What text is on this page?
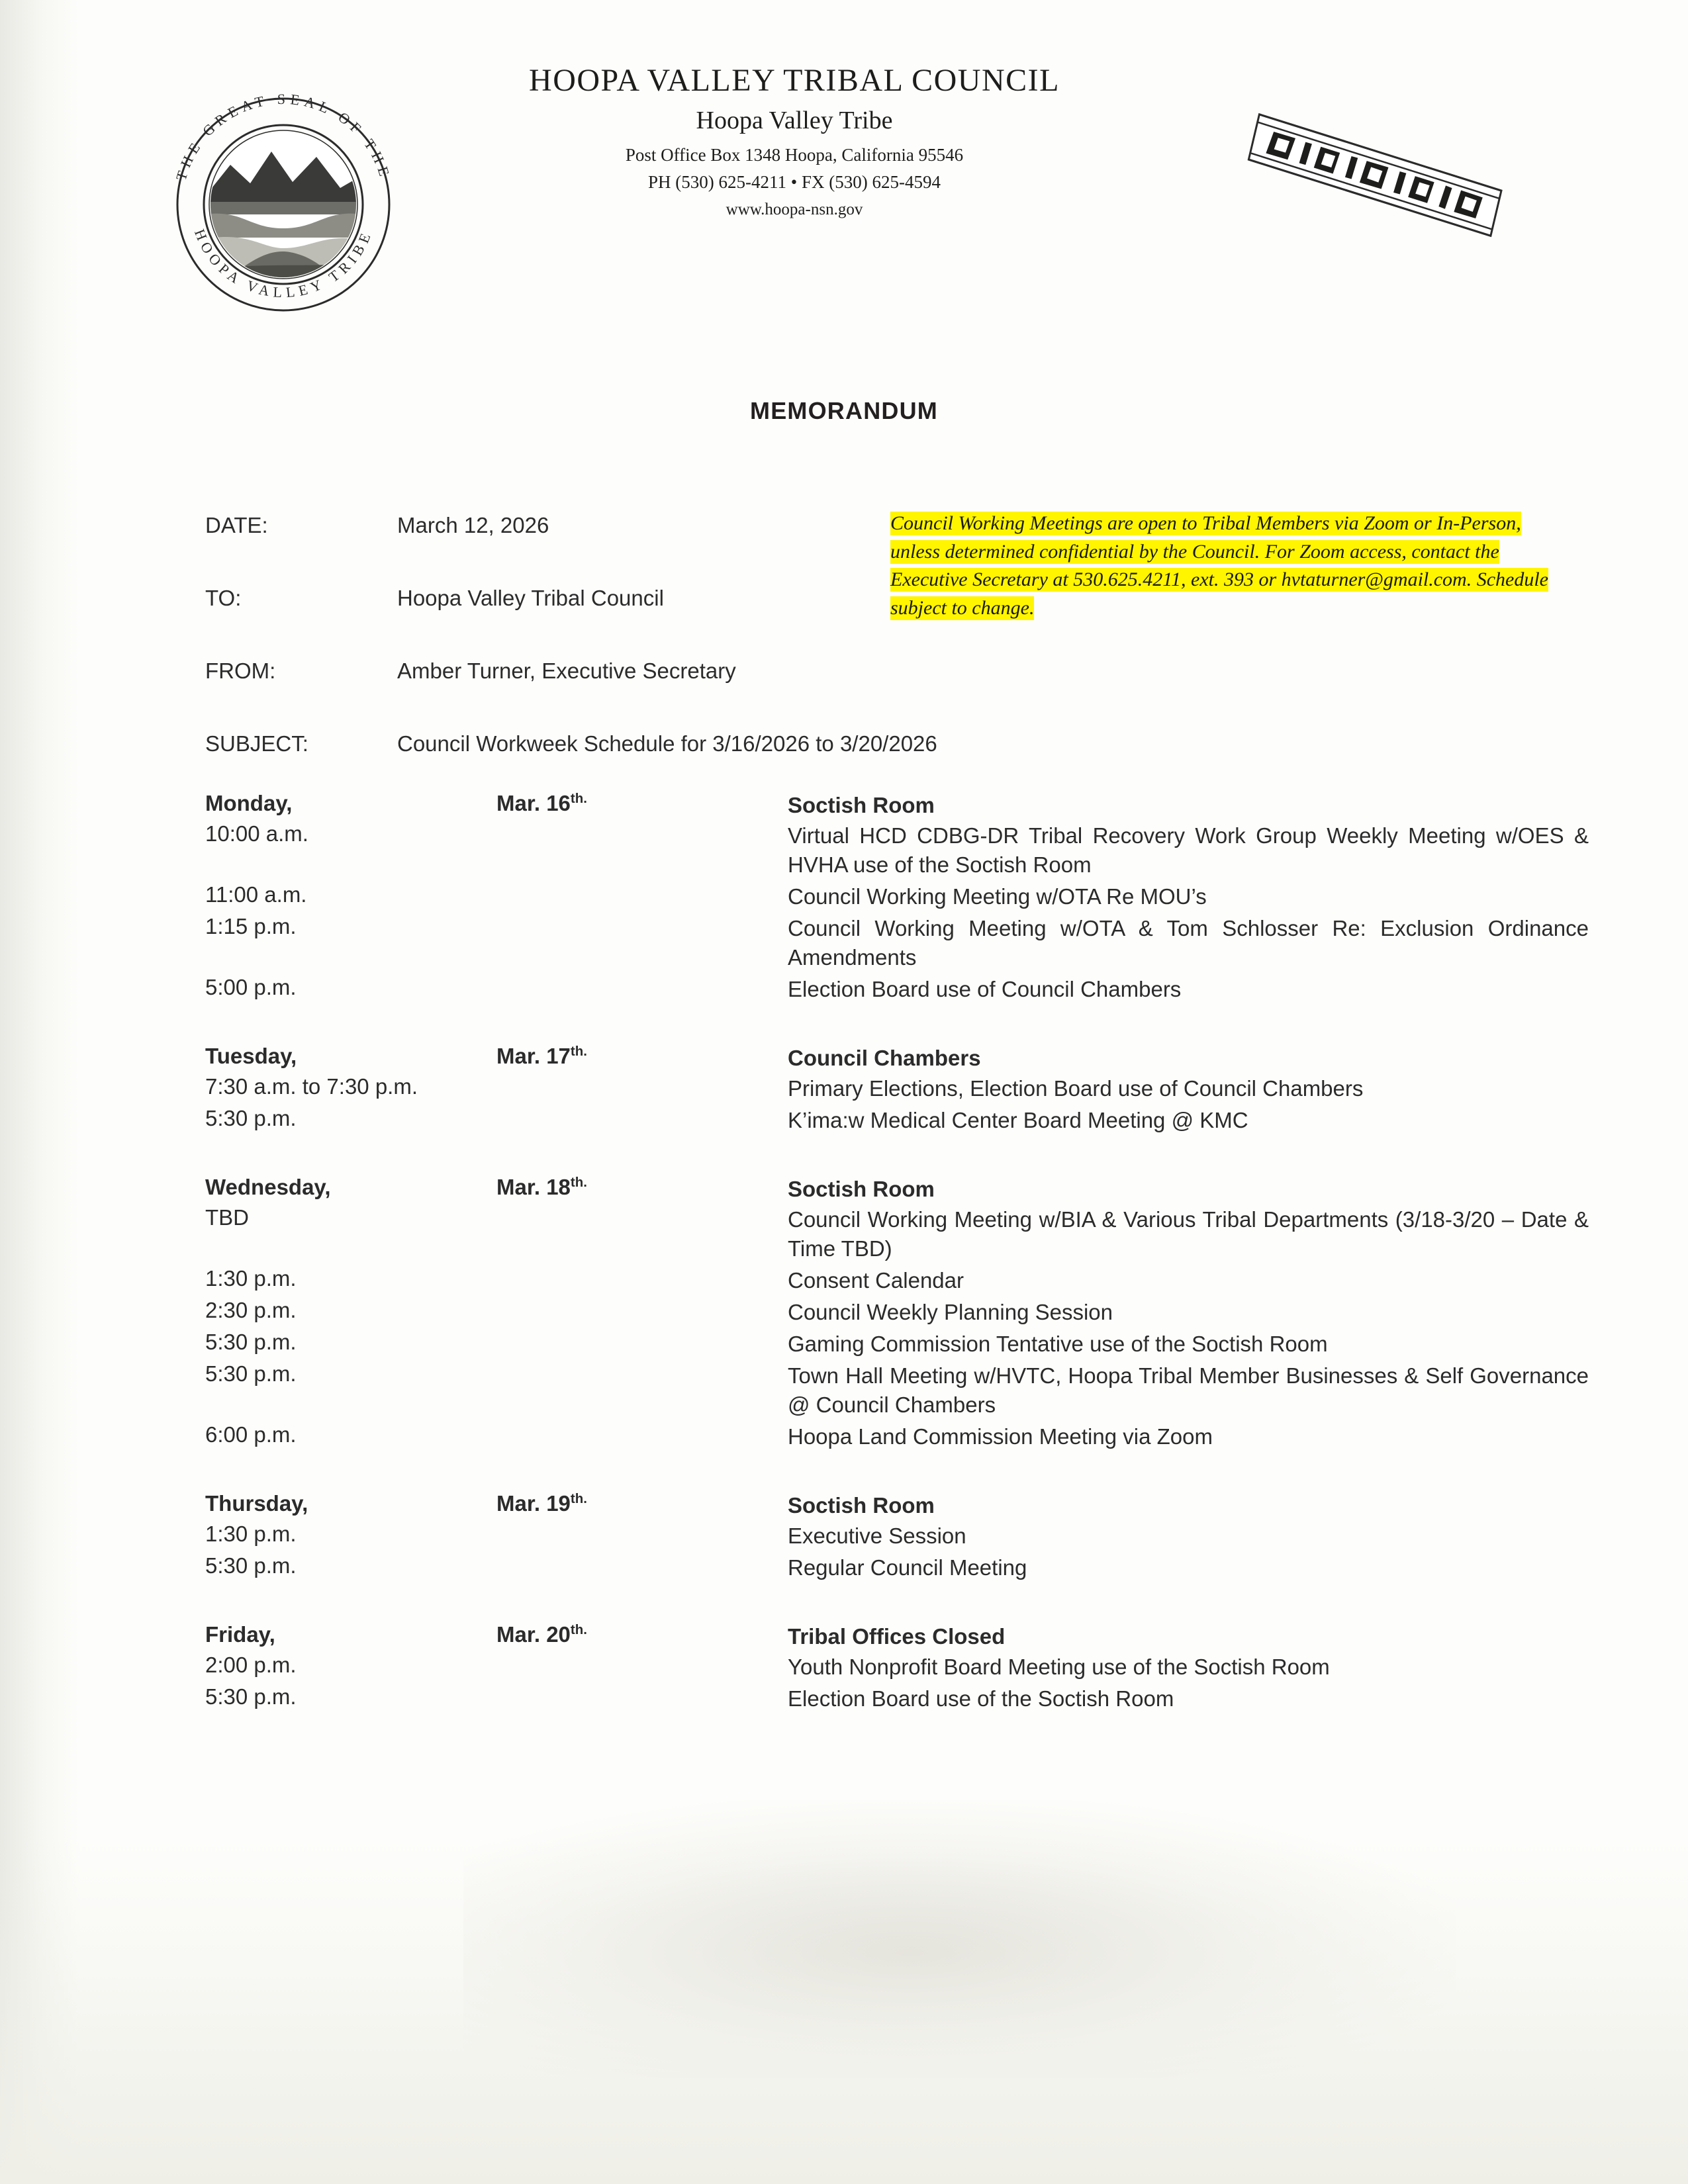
THE GREAT SEAL OF THE
HOOPA VALLEY TRIBE
HOOPA VALLEY TRIBAL COUNCIL
Hoopa Valley Tribe
Post Office Box 1348 Hoopa, California 95546
PH (530) 625-4211 • FX (530) 625-4594
www.hoopa-nsn.gov
MEMORANDUM
DATE:	March 12, 2026
TO:	Hoopa Valley Tribal Council
FROM:	Amber Turner, Executive Secretary
SUBJECT:	Council Workweek Schedule for 3/16/2026 to 3/20/2026
Council Working Meetings are open to Tribal Members via Zoom or In-Person, unless determined confidential by the Council. For Zoom access, contact the Executive Secretary at 530.625.4211, ext. 393 or hvtaturner@gmail.com. Schedule subject to change.
Monday,	Mar. $16^{th.}$	Soctish Room
10:00 a.m.	Virtual HCD CDBG-DR Tribal Recovery Work Group Weekly Meeting w/OES & HVHA use of the Soctish Room
11:00 a.m.	Council Working Meeting w/OTA Re MOU’s
1:15 p.m.	Council Working Meeting w/OTA & Tom Schlosser Re: Exclusion Ordinance Amendments
5:00 p.m.	Election Board use of Council Chambers
Tuesday,	Mar. $17^{th.}$	Council Chambers
7:30 a.m. to 7:30 p.m.	Primary Elections, Election Board use of Council Chambers
5:30 p.m.	K’ima:w Medical Center Board Meeting @ KMC
Wednesday,	Mar. $18^{th.}$	Soctish Room
TBD	Council Working Meeting w/BIA & Various Tribal Departments (3/18-3/20 – Date & Time TBD)
1:30 p.m.	Consent Calendar
2:30 p.m.	Council Weekly Planning Session
5:30 p.m.	Gaming Commission Tentative use of the Soctish Room
5:30 p.m.	Town Hall Meeting w/HVTC, Hoopa Tribal Member Businesses & Self Governance @ Council Chambers
6:00 p.m.	Hoopa Land Commission Meeting via Zoom
Thursday,	Mar. $19^{th.}$	Soctish Room
1:30 p.m.	Executive Session
5:30 p.m.	Regular Council Meeting
Friday,	Mar. $20^{th.}$	Tribal Offices Closed
2:00 p.m.	Youth Nonprofit Board Meeting use of the Soctish Room
5:30 p.m.	Election Board use of the Soctish Room
